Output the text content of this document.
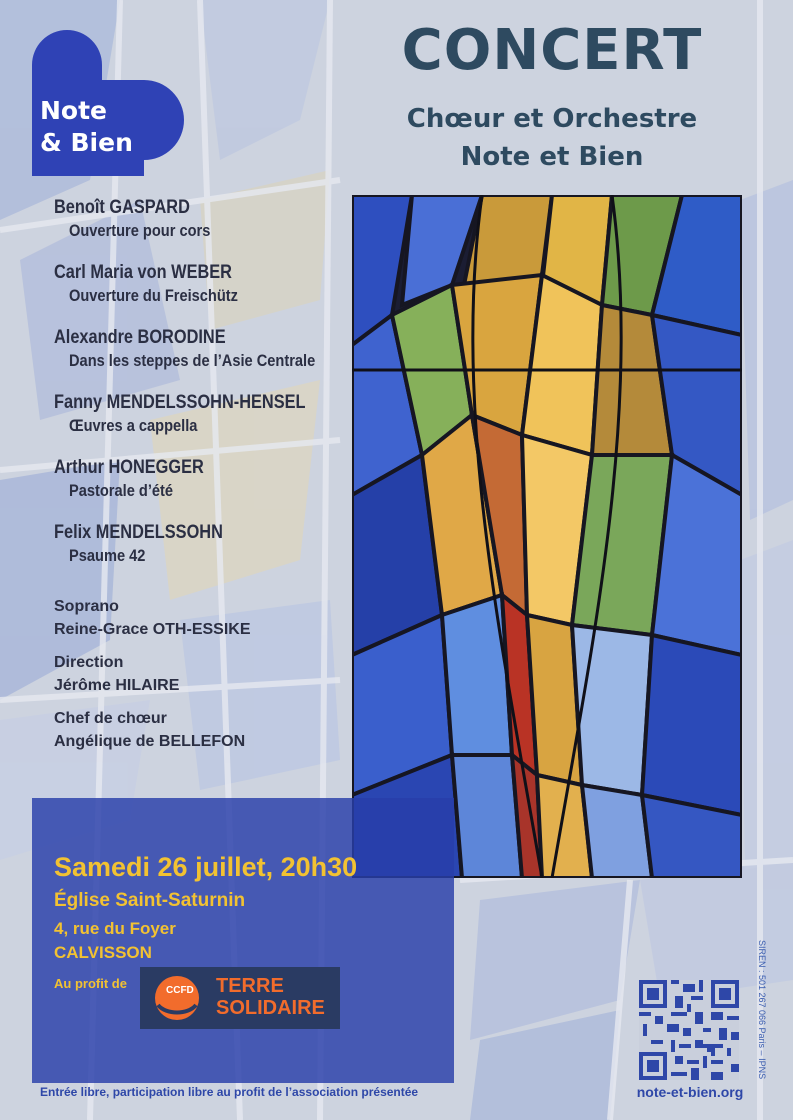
Note
& Bien
CONCERT
Chœur et Orchestre
Note et Bien
Benoît GASPARD
Ouverture pour cors
Carl Maria von WEBER
Ouverture du Freischütz
Alexandre BORODINE
Dans les steppes de l’Asie Centrale
Fanny MENDELSSOHN-HENSEL
Œuvres a cappella
Arthur HONEGGER
Pastorale d’été
Felix MENDELSSOHN
Psaume 42
Soprano
Reine-Grace OTH-ESSIKE
Direction
Jérôme HILAIRE
Chef de chœur
Angélique de BELLEFON
Samedi 26 juillet, 20h30
Église Saint-Saturnin
4, rue du Foyer
CALVISSON
Au profit de	CCFD TERRE
SOLIDAIRE
Entrée libre, participation libre au profit de l’association présentée	note-et-bien.org
SIREN : 501 267 066 Paris – IPNS
